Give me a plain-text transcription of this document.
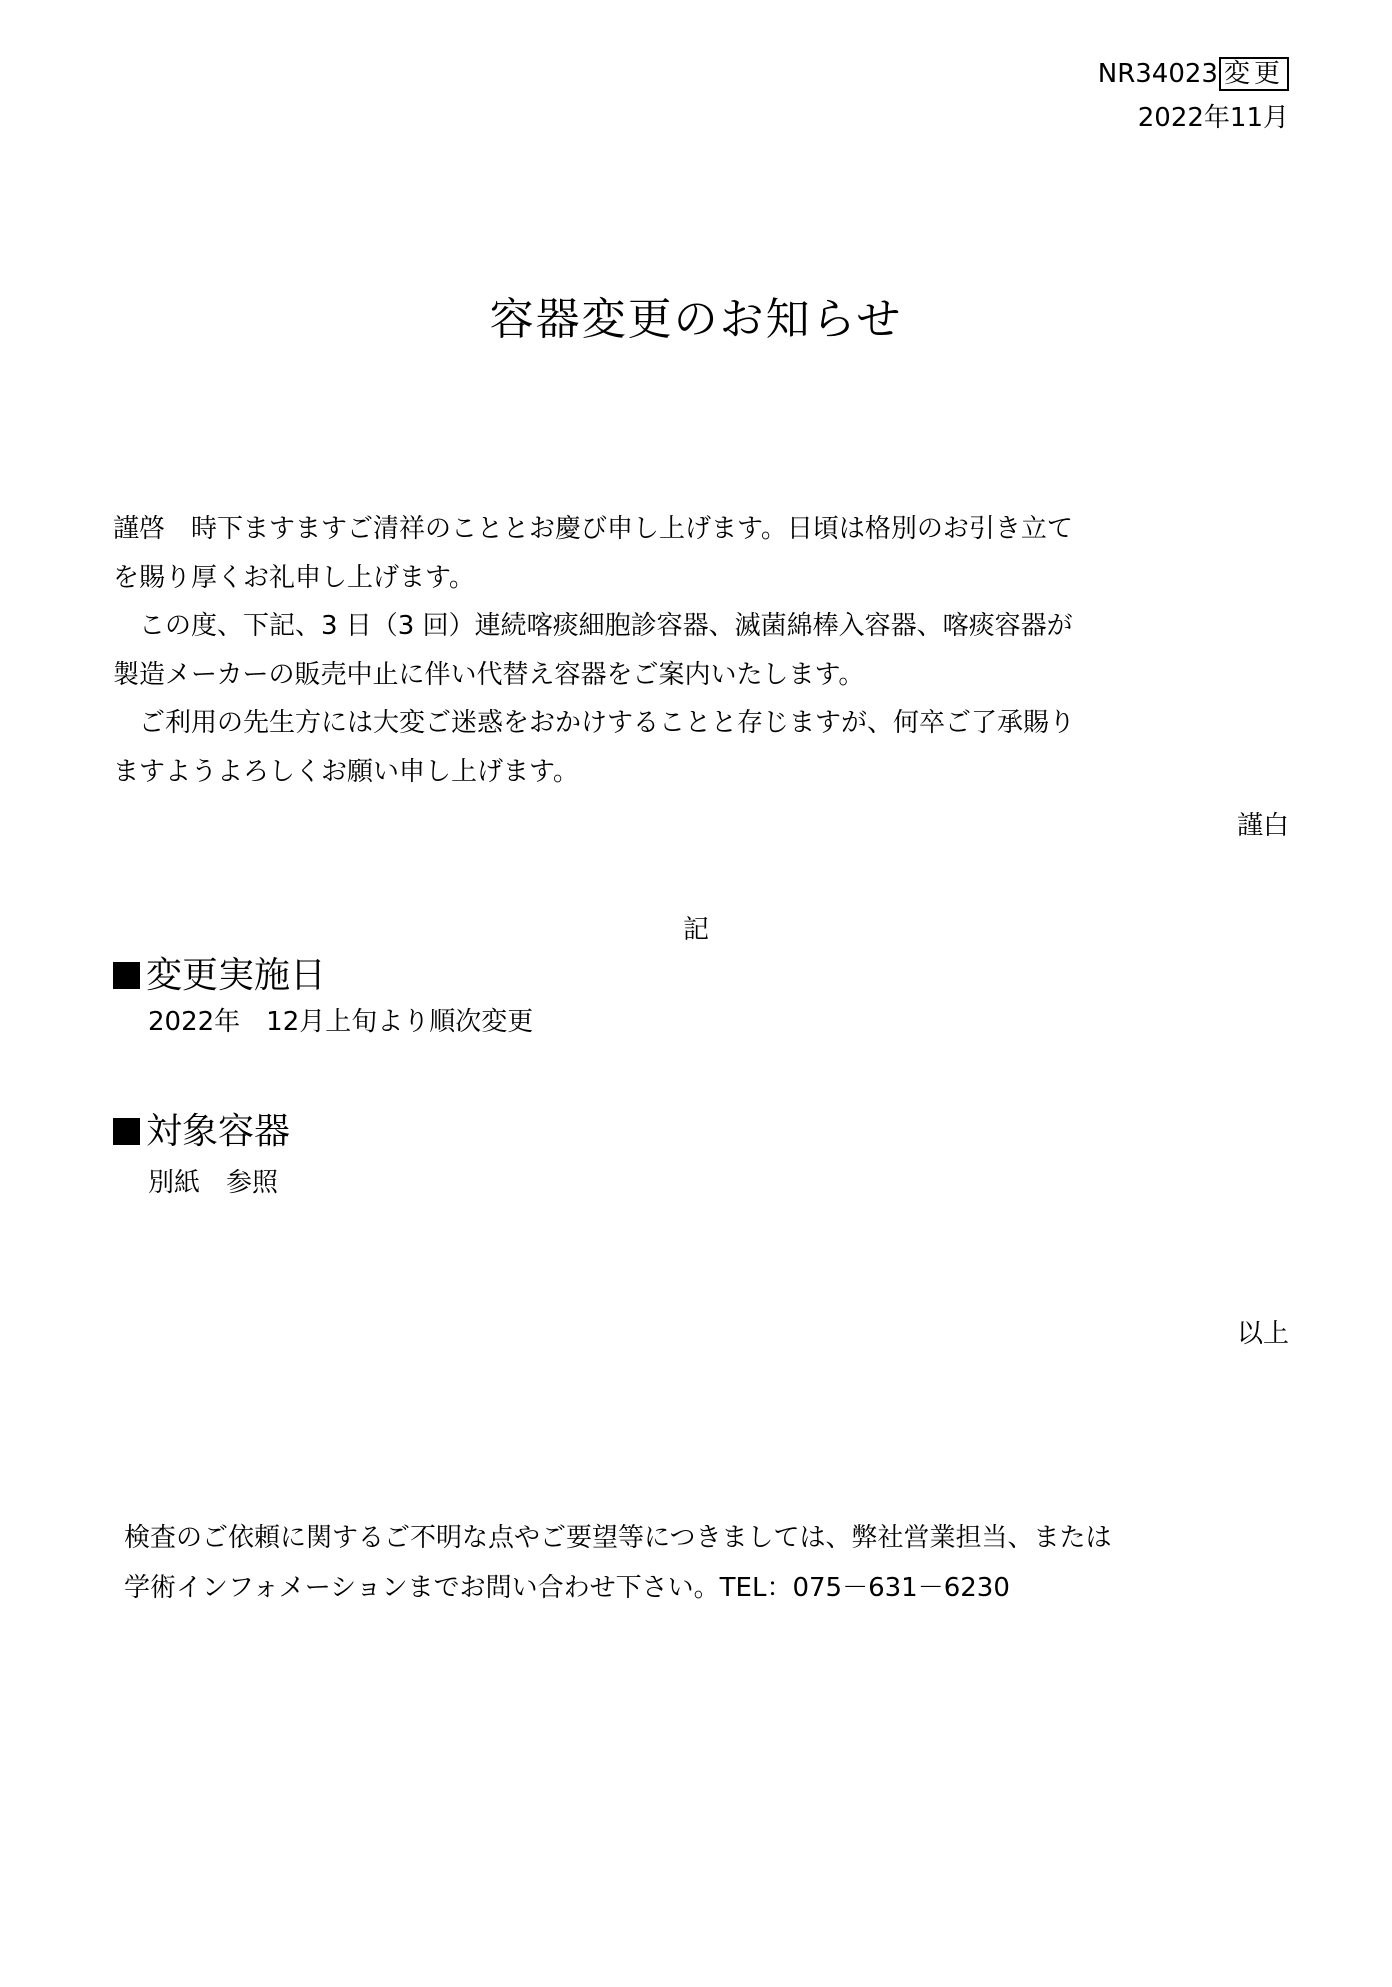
NR34023 変更
2022年11月
容器変更のお知らせ

謹啓　時下ますますご清祥のこととお慶び申し上げます。日頃は格別のお引き立て
を賜り厚くお礼申し上げます。

　この度、下記、3 日（3 回）連続喀痰細胞診容器、滅菌綿棒入容器、喀痰容器が
製造メーカーの販売中止に伴い代替え容器をご案内いたします。

　ご利用の先生方には大変ご迷惑をおかけすることと存じますが、何卒ご了承賜り
ますようよろしくお願い申し上げます。

謹白
記
変更実施日
2022年　12月上旬より順次変更
対象容器
別紙　参照
以上
検査のご依頼に関するご不明な点やご要望等につきましては、弊社営業担当、または
学術インフォメーションまでお問い合わせ下さい。TEL：075－631－6230
